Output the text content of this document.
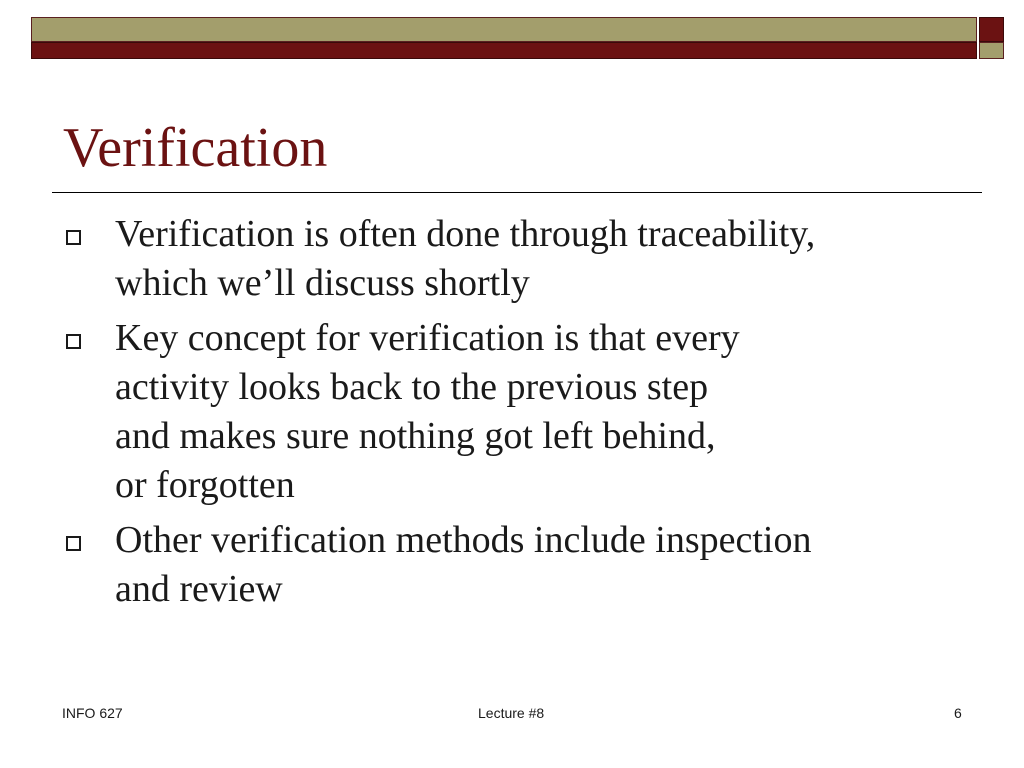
Verification
Verification is often done through traceability,
which we’ll discuss shortly
Key concept for verification is that every
activity looks back to the previous step
and makes sure nothing got left behind,
or forgotten
Other verification methods include inspection
and review
INFO 627	Lecture #8	6
